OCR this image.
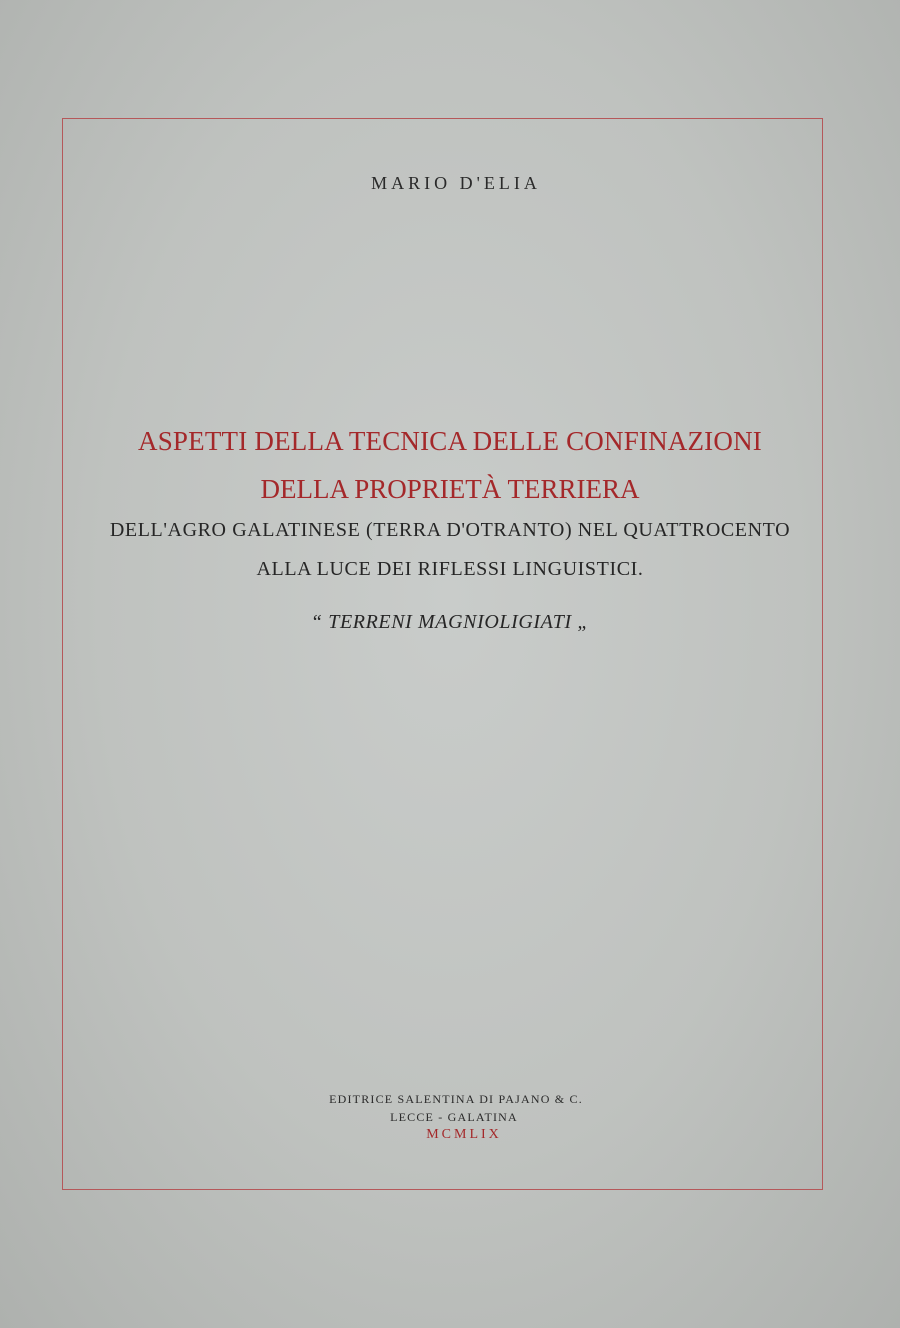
MARIO D'ELIA

ASPETTI DELLA TECNICA DELLE CONFINAZIONI

DELLA PROPRIETÀ TERRIERA

DELL'AGRO GALATINESE (TERRA D'OTRANTO) NEL QUATTROCENTO

ALLA LUCE DEI RIFLESSI LINGUISTICI.

“ TERRENI MAGNIOLIGIATI „

EDITRICE SALENTINA DI PAJANO & C.

LECCE - GALATINA

MCMLIX
